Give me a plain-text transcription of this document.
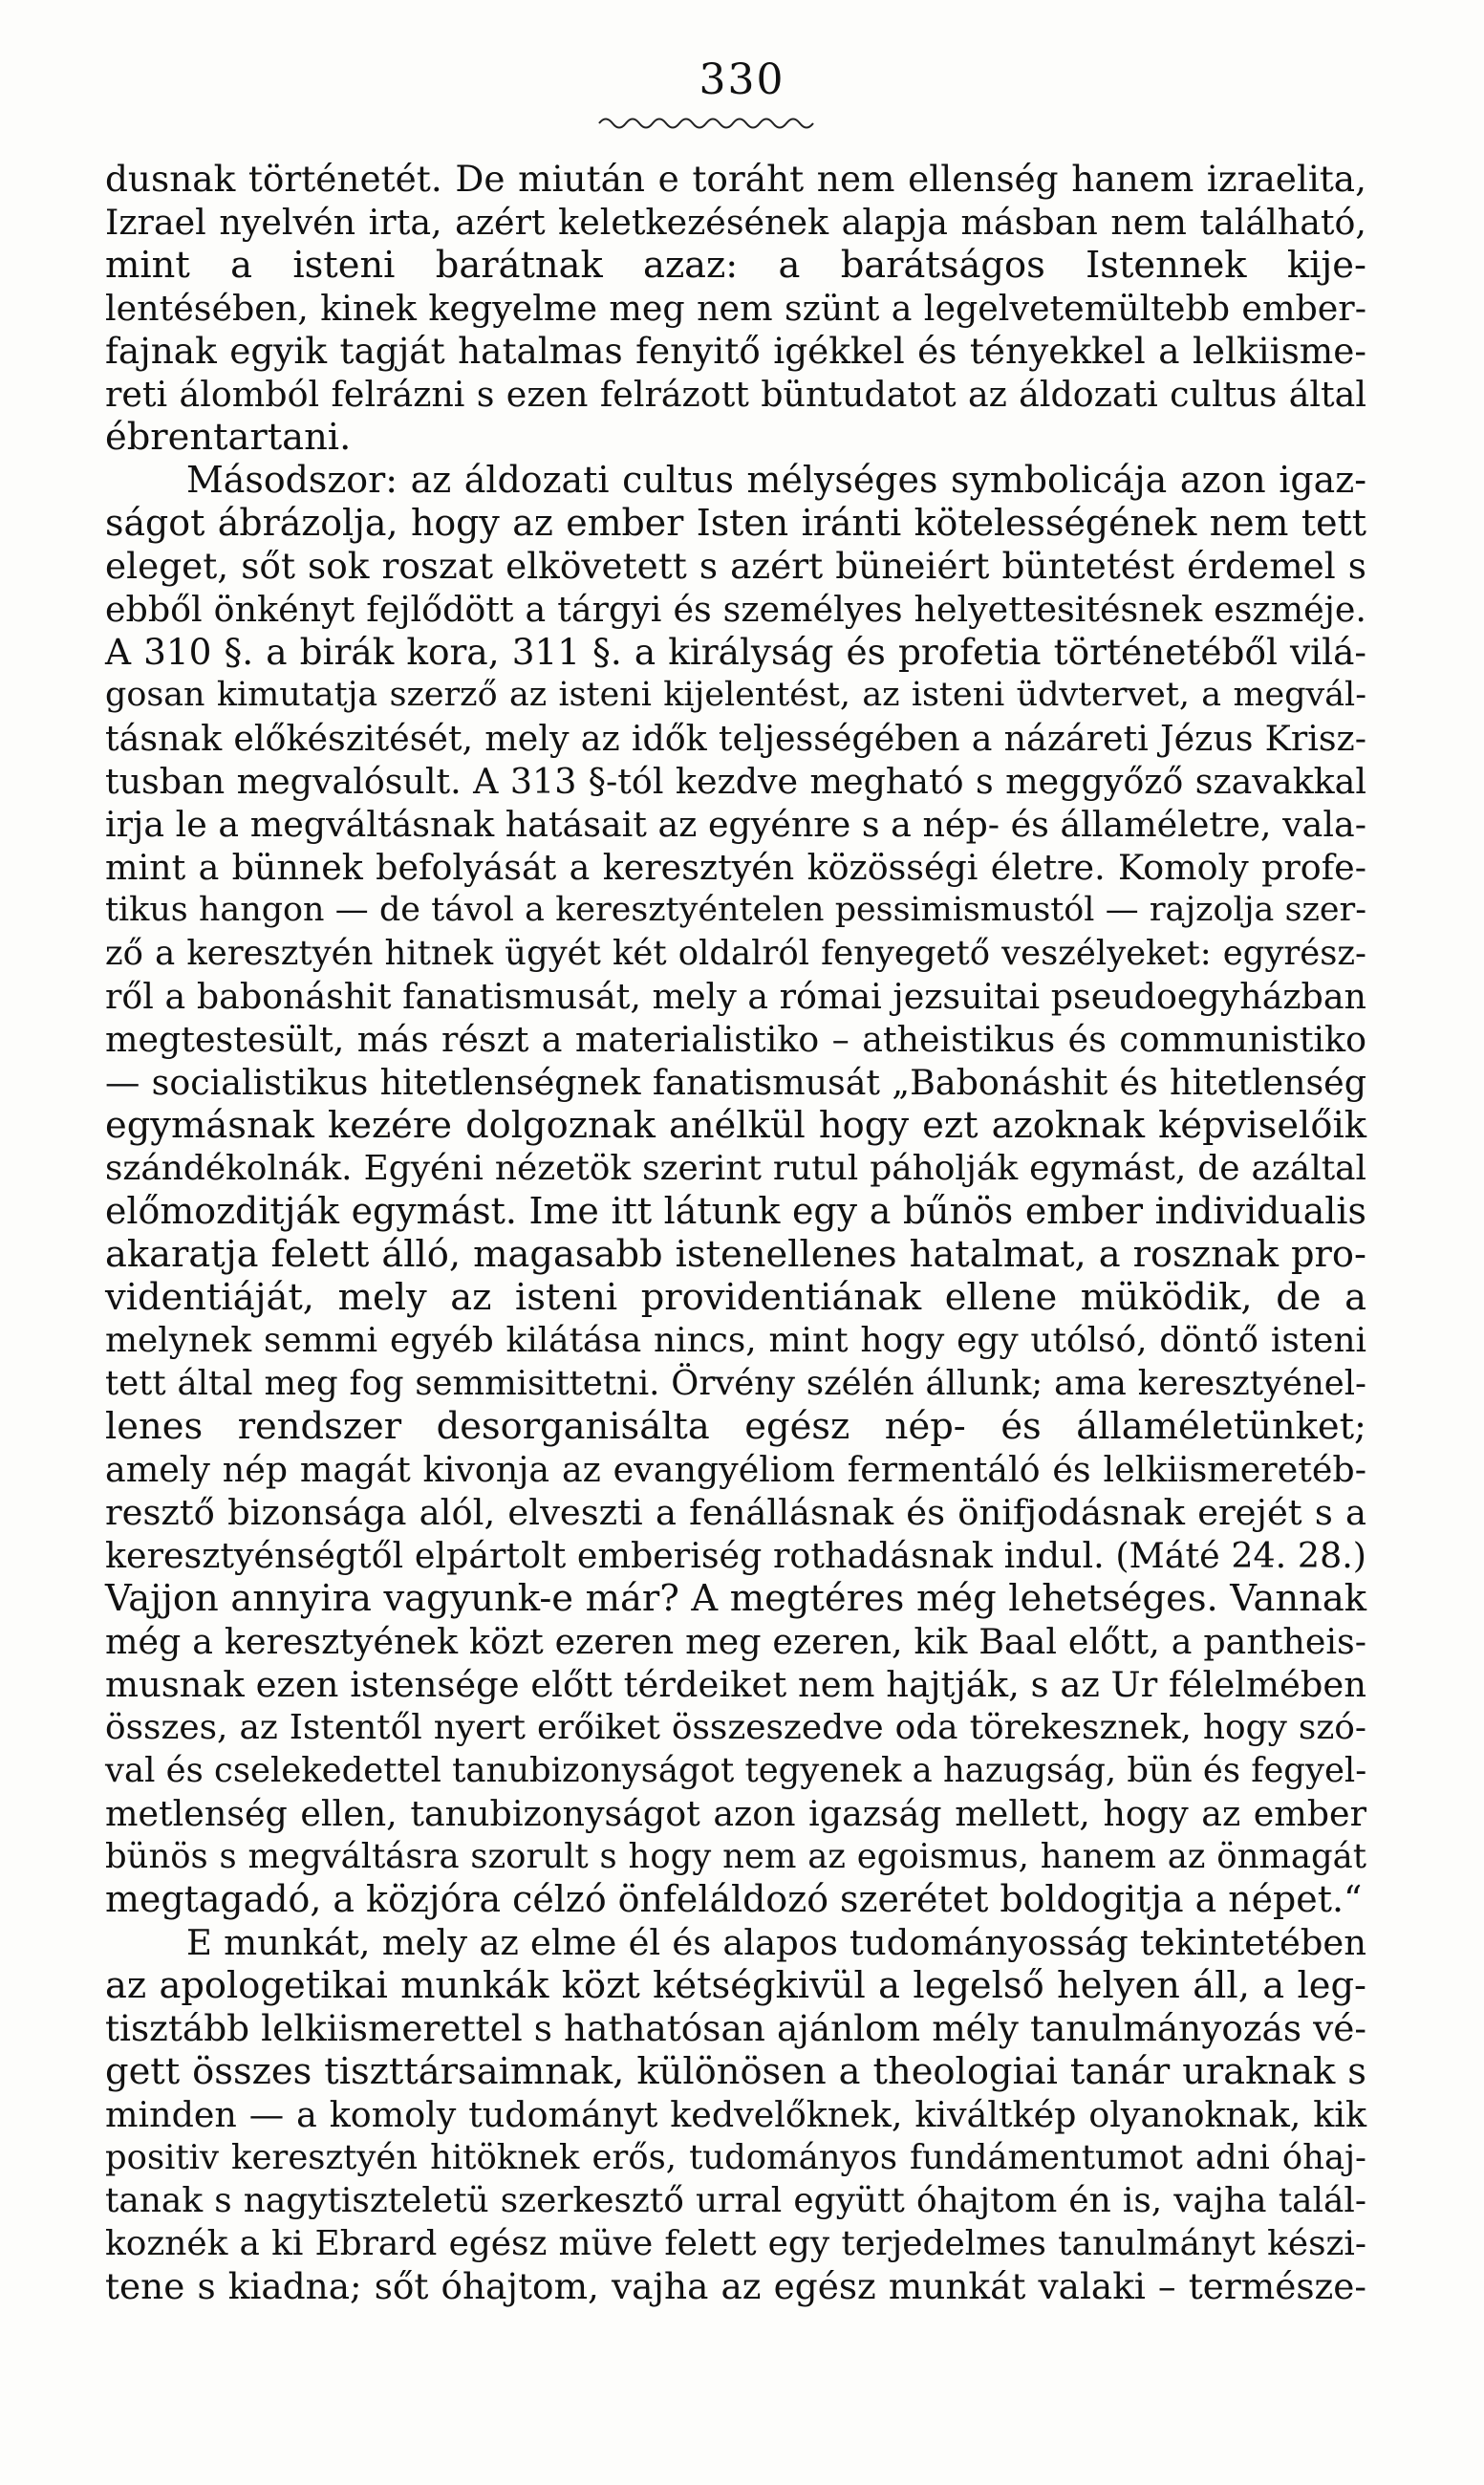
330
dusnak történetét. De miután e toráht nem ellenség hanem izraelita,
Izrael nyelvén irta, azért keletkezésének alapja másban nem található,
mint a isteni barátnak azaz: a barátságos Istennek kije-
lentésében, kinek kegyelme meg nem szünt a legelvetemültebb ember-
fajnak egyik tagját hatalmas fenyitő igékkel és tényekkel a lelkiisme-
reti álomból felrázni s ezen felrázott büntudatot az áldozati cultus által
ébrentartani.
Másodszor: az áldozati cultus mélységes symbolicája azon igaz-
ságot ábrázolja, hogy az ember Isten iránti kötelességének nem tett
eleget, sőt sok roszat elkövetett s azért büneiért büntetést érdemel s
ebből önkényt fejlődött a tárgyi és személyes helyettesitésnek eszméje.
A 310 §. a birák kora, 311 §. a királyság és profetia történetéből vilá-
gosan kimutatja szerző az isteni kijelentést, az isteni üdvtervet, a megvál-
tásnak előkészitését, mely az idők teljességében a názáreti Jézus Krisz-
tusban megvalósult. A 313 §-tól kezdve megható s meggyőző szavakkal
irja le a megváltásnak hatásait az egyénre s a nép- és államéletre, vala-
mint a bünnek befolyását a keresztyén közösségi életre. Komoly profe-
tikus hangon — de távol a keresztyéntelen pessimismustól — rajzolja szer-
ző a keresztyén hitnek ügyét két oldalról fenyegető veszélyeket: egyrész-
ről a babonáshit fanatismusát, mely a római jezsuitai pseudoegyházban
megtestesült, más részt a materialistiko – atheistikus és communistiko
— socialistikus hitetlenségnek fanatismusát „Babonáshit és hitetlenség
egymásnak kezére dolgoznak anélkül hogy ezt azoknak képviselőik
szándékolnák. Egyéni nézetök szerint rutul páholják egymást, de azáltal
előmozditják egymást. Ime itt látunk egy a bűnös ember individualis
akaratja felett álló, magasabb istenellenes hatalmat, a rosznak pro-
videntiáját, mely az isteni providentiának ellene müködik, de a
melynek semmi egyéb kilátása nincs, mint hogy egy utólsó, döntő isteni
tett által meg fog semmisittetni. Örvény szélén állunk; ama keresztyénel-
lenes rendszer desorganisálta egész nép- és államéletünket;
amely nép magát kivonja az evangyéliom fermentáló és lelkiismeretéb-
resztő bizonsága alól, elveszti a fenállásnak és önifjodásnak erejét s a
keresztyénségtől elpártolt emberiség rothadásnak indul. (Máté 24. 28.)
Vajjon annyira vagyunk-e már? A megtéres még lehetséges. Vannak
még a keresztyének közt ezeren meg ezeren, kik Baal előtt, a pantheis-
musnak ezen istensége előtt térdeiket nem hajtják, s az Ur félelmében
összes, az Istentől nyert erőiket összeszedve oda törekesznek, hogy szó-
val és cselekedettel tanubizonyságot tegyenek a hazugság, bün és fegyel-
metlenség ellen, tanubizonyságot azon igazság mellett, hogy az ember
bünös s megváltásra szorult s hogy nem az egoismus, hanem az önmagát
megtagadó, a közjóra célzó önfeláldozó szerétet boldogitja a népet.“
E munkát, mely az elme él és alapos tudományosság tekintetében
az apologetikai munkák közt kétségkivül a legelső helyen áll, a leg-
tisztább lelkiismerettel s hathatósan ajánlom mély tanulmányozás vé-
gett összes tiszttársaimnak, különösen a theologiai tanár uraknak s
minden — a komoly tudományt kedvelőknek, kiváltkép olyanoknak, kik
positiv keresztyén hitöknek erős, tudományos fundámentumot adni óhaj-
tanak s nagytiszteletü szerkesztő urral együtt óhajtom én is, vajha talál-
koznék a ki Ebrard egész müve felett egy terjedelmes tanulmányt készi-
tene s kiadna; sőt óhajtom, vajha az egész munkát valaki – természe-
